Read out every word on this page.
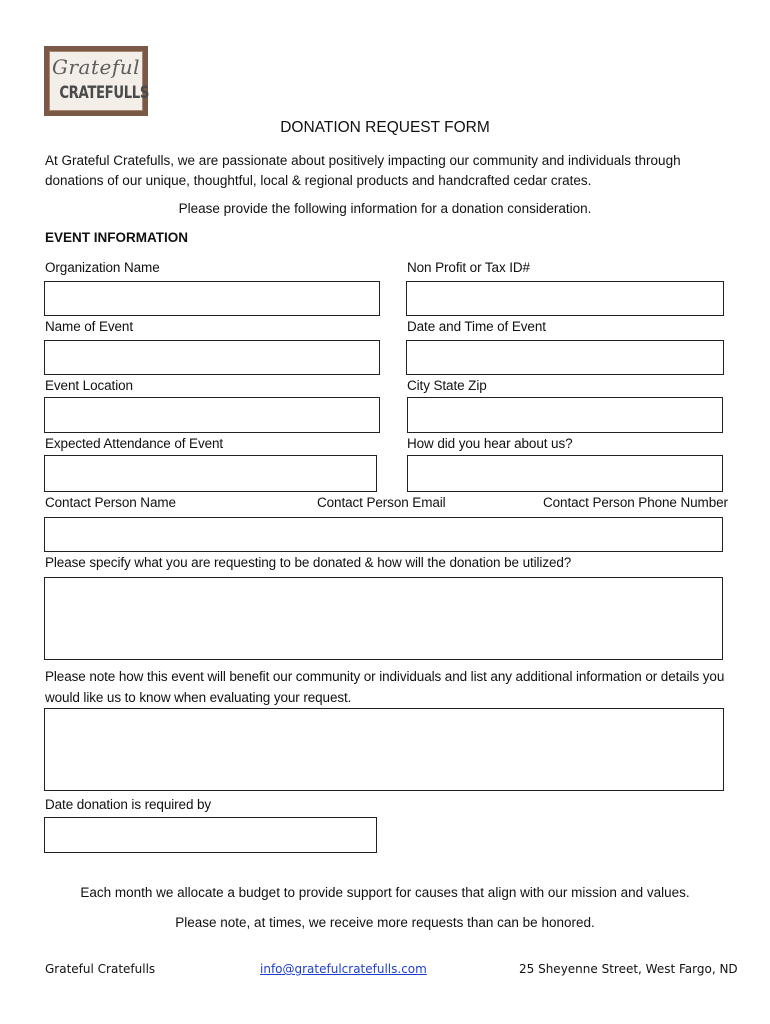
Grateful
CRATEFULLS
DONATION REQUEST FORM
At Grateful Cratefulls, we are passionate about positively impacting our community and individuals through donations of our unique, thoughtful, local & regional products and handcrafted cedar crates.
Please provide the following information for a donation consideration.
EVENT INFORMATION
Organization Name	Non Profit or Tax ID#
Name of Event	Date and Time of Event
Event Location	City State Zip
Expected Attendance of Event	How did you hear about us?
Contact Person Name	Contact Person Email	Contact Person Phone Number
Please specify what you are requesting to be donated & how will the donation be utilized?
Please note how this event will benefit our community or individuals and list any additional information or details you would like us to know when evaluating your request.
Date donation is required by
Each month we allocate a budget to provide support for causes that align with our mission and values.
Please note, at times, we receive more requests than can be honored.
Grateful Cratefulls	info@gratefulcratefulls.com	25 Sheyenne Street, West Fargo, ND
